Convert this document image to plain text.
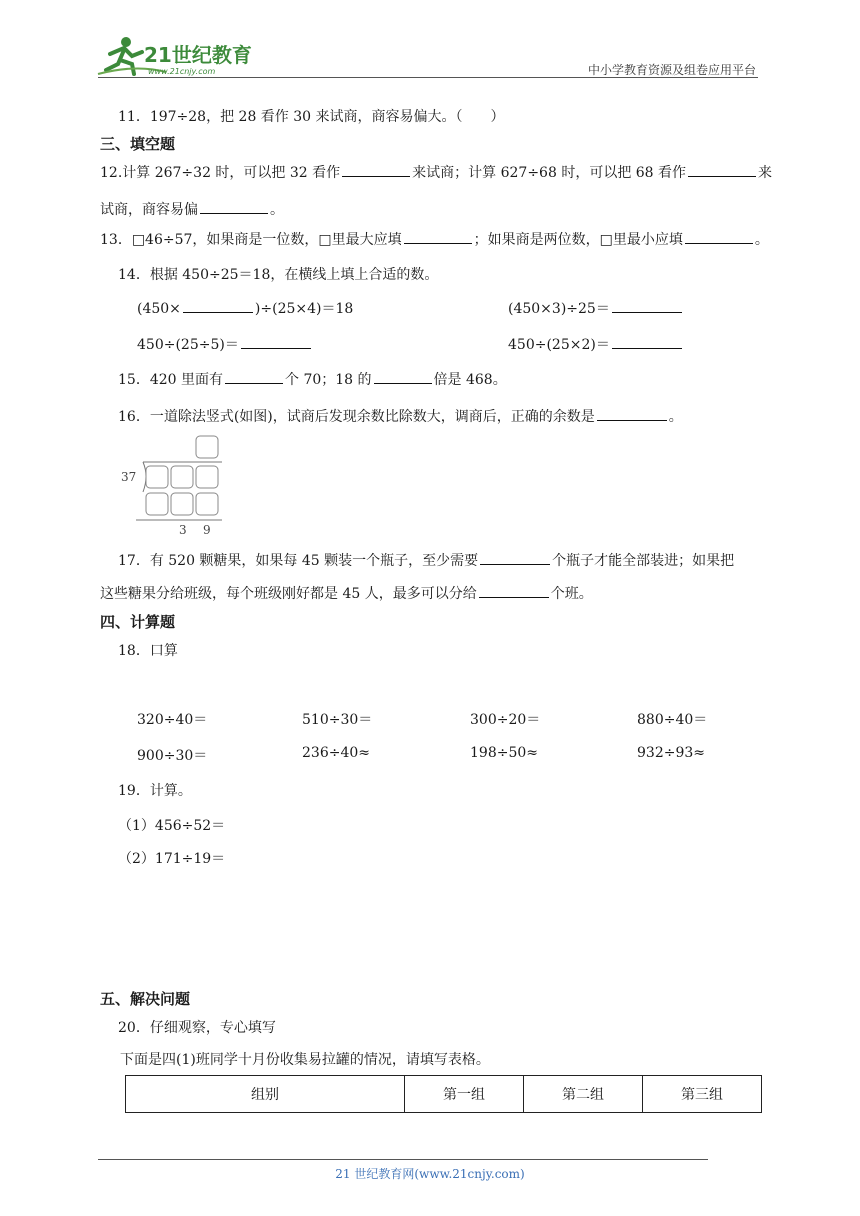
21世纪教育
www.21cnjy.com	中小学教育资源及组卷应用平台
11．197÷28，把 28 看作 30 来试商，商容易偏大。（　　）
三、填空题
12.计算 267÷32 时，可以把 32 看作	来试商；计算 627÷68 时，可以把 68 看作	来
试商，商容易偏	。
13．□46÷57，如果商是一位数，□里最大应填	；如果商是两位数，□里最小应填	。
14．根据 450÷25＝18，在横线上填上合适的数。
(450×	)÷(25×4)＝18	(450×3)÷25＝
450÷(25÷5)＝	450÷(25×2)＝
15．420 里面有	个 70；18 的	倍是 468。
16．一道除法竖式(如图)，试商后发现余数比除数大，调商后，正确的余数是	。
37
3 9
17．有 520 颗糖果，如果每 45 颗装一个瓶子，至少需要	个瓶子才能全部装进；如果把
这些糖果分给班级，每个班级刚好都是 45 人，最多可以分给	个班。
四、计算题
18．口算
320÷40＝	510÷30＝	300÷20＝	880÷40＝
900÷30＝	236÷40≈	198÷50≈	932÷93≈
19．计算。
（1）456÷52＝
（2）171÷19＝
五、解决问题
20．仔细观察，专心填写
下面是四(1)班同学十月份收集易拉罐的情况，请填写表格。
组别	第一组	第二组	第三组
21 世纪教育网(www.21cnjy.com)
